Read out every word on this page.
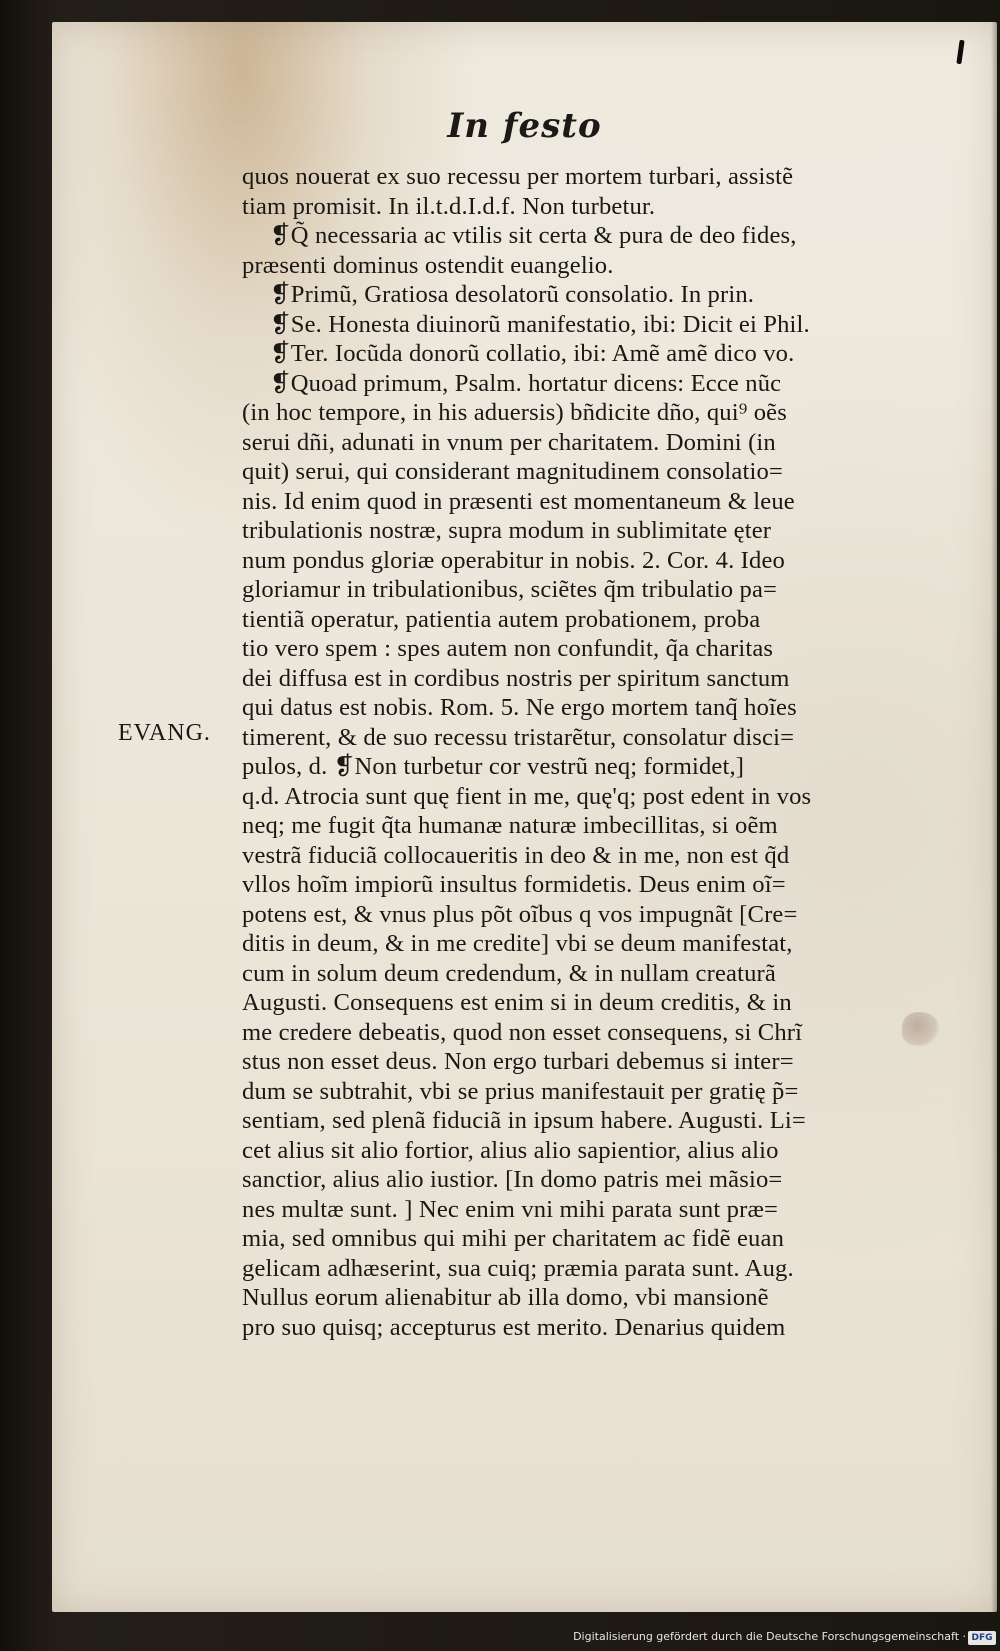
In festo
quos nouerat ex suo recessu per mortem turbari, assistẽ
tiam promisit. In il.t.d.I.d.f. Non turbetur.
❡Q̃ necessaria ac vtilis sit certa & pura de deo fides,
præsenti dominus ostendit euangelio.
❡Primũ, Gratiosa desolatorũ consolatio. In prin.
❡Se. Honesta diuinorũ manifestatio, ibi: Dicit ei Phil.
❡Ter. Iocũda donorũ collatio, ibi: Amẽ amẽ dico vo.
❡Quoad primum, Psalm. hortatur dicens: Ecce nũc
(in hoc tempore, in his aduersis) bñdicite dño, qui⁹ oẽs
serui dñi, adunati in vnum per charitatem. Domini (in
quit) serui, qui considerant magnitudinem consolatio=
nis. Id enim quod in præsenti est momentaneum & leue
tribulationis nostræ, supra modum in sublimitate ęter
num pondus gloriæ operabitur in nobis. 2. Cor. 4. Ideo
gloriamur in tribulationibus, sciẽtes q̃m tribulatio pa=
tientiã operatur, patientia autem probationem, proba
tio vero spem : spes autem non confundit, q̃a charitas
dei diffusa est in cordibus nostris per spiritum sanctum
qui datus est nobis. Rom. 5. Ne ergo mortem tanq̃ hoĩes
timerent, & de suo recessu tristarẽtur, consolatur disci=
pulos, d. ❡Non turbetur cor vestrũ neq; formidet,]
q.d. Atrocia sunt quę fient in me, quę'q; post edent in vos
neq; me fugit q̃ta humanæ naturæ imbecillitas, si oẽm
vestrã fiduciã collocaueritis in deo & in me, non est q̃d
vllos hoĩm impiorũ insultus formidetis. Deus enim oĩ=
potens est, & vnus plus põt oĩbus q vos impugnãt [Cre=
ditis in deum, & in me credite] vbi se deum manifestat,
cum in solum deum credendum, & in nullam creaturã
Augusti. Consequens est enim si in deum creditis, & in
me credere debeatis, quod non esset consequens, si Chrĩ
stus non esset deus. Non ergo turbari debemus si inter=
dum se subtrahit, vbi se prius manifestauit per gratię p̃=
sentiam, sed plenã fiduciã in ipsum habere. Augusti. Li=
cet alius sit alio fortior, alius alio sapientior, alius alio
sanctior, alius alio iustior. [In domo patris mei mãsio=
nes multæ sunt. ] Nec enim vni mihi parata sunt præ=
mia, sed omnibus qui mihi per charitatem ac fidẽ euan
gelicam adhæserint, sua cuiq; præmia parata sunt. Aug.
Nullus eorum alienabitur ab illa domo, vbi mansionẽ
pro suo quisq; accepturus est merito. Denarius quidem
EVANG.
Digitalisierung gefördert durch die Deutsche Forschungsgemeinschaft · DFG
